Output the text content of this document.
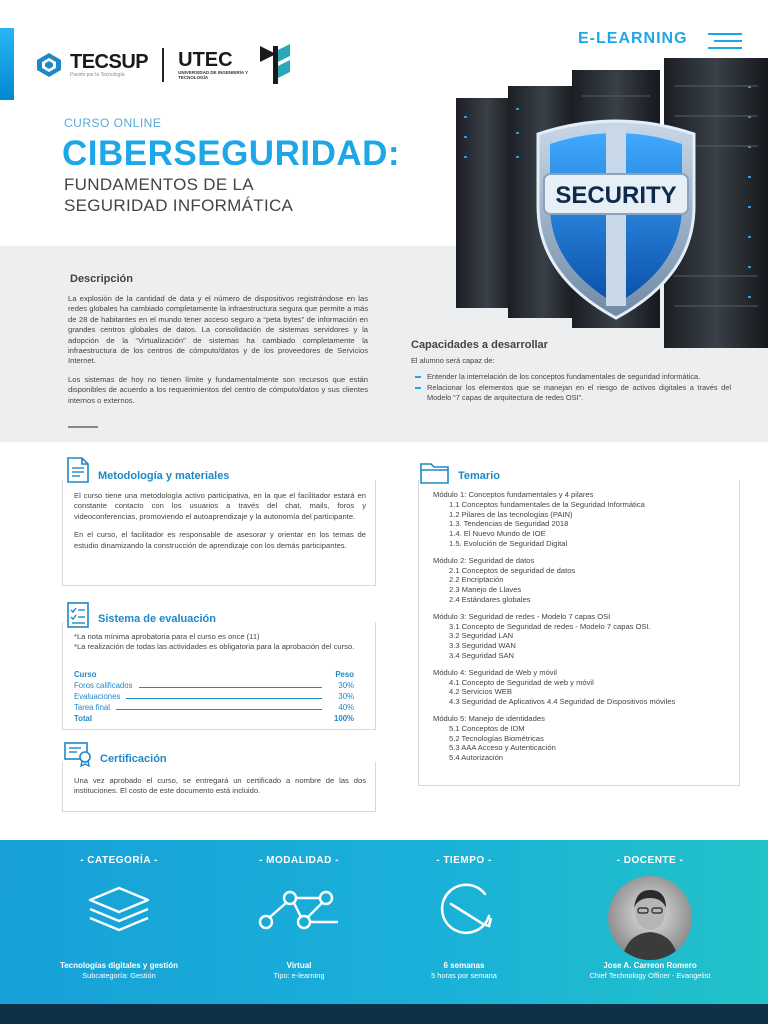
TECSUP
Pasión por la Tecnología
UTEC
UNIVERSIDAD DE INGENIERÍA Y TECNOLOGÍA
E-LEARNING
CURSO ONLINE
CIBERSEGURIDAD:
FUNDAMENTOS DE LA
SEGURIDAD INFORMÁTICA	SECURITY
Descripción

La explosión de la cantidad de data y el número de dispositivos registrándose en las redes globales ha cambiado completamente la infraestructura segura que permite a más de 28 de habitantes en el mundo tener acceso seguro a “peta bytes” de información en grandes centros globales de datos. La consolidación de sistemas servidores y la adopción de la “Virtualización” de sistemas ha cambiado completamente la infraestructura de los centros de cómputo/datos y de los proveedores de Servicios Internet.

Los sistemas de hoy no tienen límite y fundamentalmente son recursos que están disponibles de acuerdo a los requerimientos del centro de cómputo/datos y sus clientes internos o externos.

Capacidades a desarrollar
El alumno será capaz de:
Entender la interrelación de los conceptos fundamentales de seguridad informática.
Relacionar los elementos que se manejan en el riesgo de activos digitales a través del Modelo “7 capas de arquitectura de redes OSI”.
Metodología y materiales

El curso tiene una metodología activo participativa, en la que el facilitador estará en constante contacto con los usuarios a través del chat, mails, foros y videoconferencias, promoviendo el autoaprendizaje y la autonomía del participante.

En el curso, el facilitador es responsable de asesorar y orientar en los temas de estudio dinamizando la construcción de aprendizaje con los demás participantes.

Sistema de evaluación
*La nota mínima aprobatoria para el curso es once (11)
*La realización de todas las actividades es obligatoria para la aprobación del curso.
Curso	Peso
Foros calificados	30%
Evaluaciones	30%
Tarea final	40%
Total	100%
Certificación
Una vez aprobado el curso, se entregará un certificado a nombre de las dos instituciones. El costo de este documento está incluido.
Temario
Módulo 1: Conceptos fundamentales y 4 pilares
1.1 Conceptos fundamentales de la Seguridad Informática
1.2 Pilares de las tecnologías (PAIN)
1.3. Tendencias de Seguridad 2018
1.4. El Nuevo Mundo de IOE
1.5. Evolución de Seguridad Digital
Módulo 2: Seguridad de datos
2.1 Conceptos de seguridad de datos
2.2 Encriptación
2.3 Manejo de Llaves
2.4 Estándares globales
Módulo 3: Seguridad de redes - Modelo 7 capas OSI
3.1 Concepto de Seguridad de redes - Modelo 7 capas OSI.
3.2 Seguridad LAN
3.3 Seguridad WAN
3.4 Seguridad SAN
Módulo 4: Seguridad de Web y móvil
4.1 Concepto de Seguridad de web y móvil
4.2 Servicios WEB
4.3 Seguridad de Aplicativos 4.4 Seguridad de Dispositivos móviles
Módulo 5: Manejo de identidades
5.1 Conceptos de IDM
5.2 Tecnologías Biométricas
5.3 AAA Acceso y Autenticación
5.4 Autorización
- CATEGORÍA -
Tecnologías digitales y gestión
Subcategoría: Gestión
- MODALIDAD -
Virtual
Tipo: e-learning
- TIEMPO -
6 semanas
5 horas por semana
- DOCENTE -
Jose A. Carreon Romero
Chief Technology Officer - Evangelist
